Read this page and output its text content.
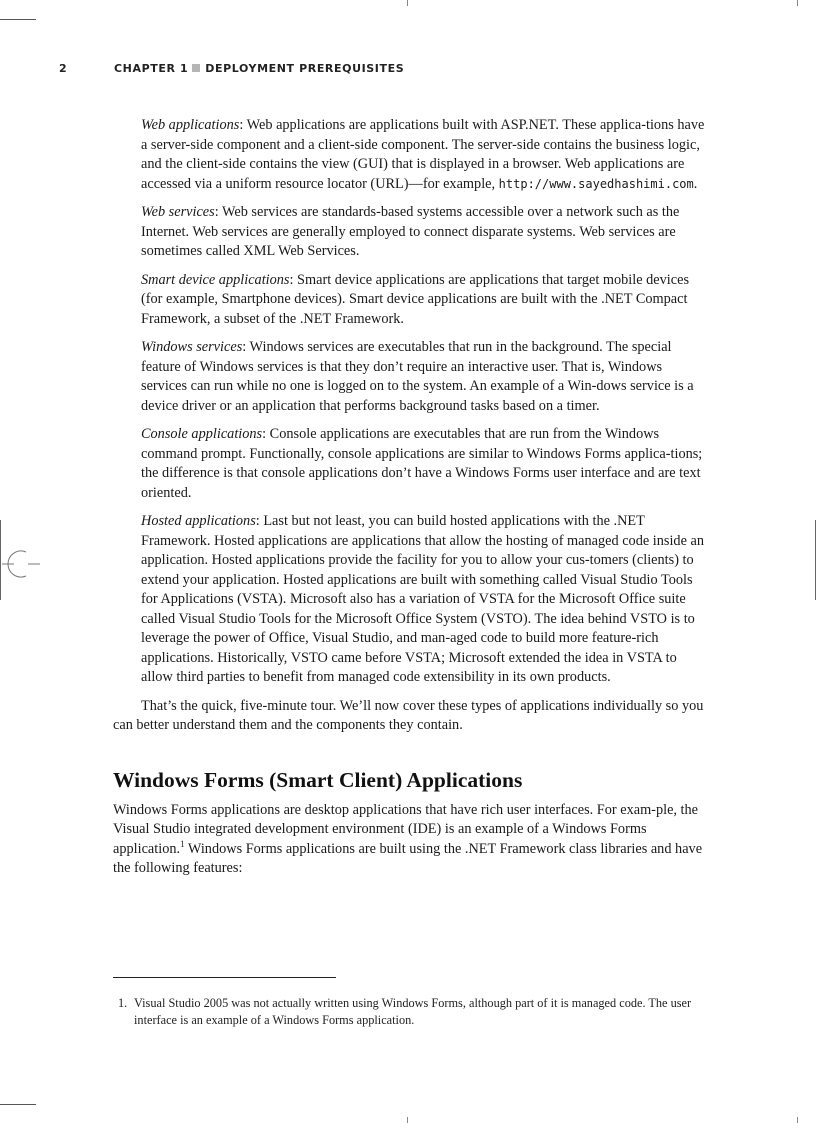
2	CHAPTER 1 DEPLOYMENT PREREQUISITES

Web applications: Web applications are applications built with ASP.NET. These applica-tions have a server-side component and a client-side component. The server-side contains the business logic, and the client-side contains the view (GUI) that is displayed in a browser. Web applications are accessed via a uniform resource locator (URL)—for example, http://www.sayedhashimi.com.

Web services: Web services are standards-based systems accessible over a network such as the Internet. Web services are generally employed to connect disparate systems. Web services are sometimes called XML Web Services.

Smart device applications: Smart device applications are applications that target mobile devices (for example, Smartphone devices). Smart device applications are built with the .NET Compact Framework, a subset of the .NET Framework.

Windows services: Windows services are executables that run in the background. The special feature of Windows services is that they don’t require an interactive user. That is, Windows services can run while no one is logged on to the system. An example of a Win-dows service is a device driver or an application that performs background tasks based on a timer.

Console applications: Console applications are executables that are run from the Windows command prompt. Functionally, console applications are similar to Windows Forms applica-tions; the difference is that console applications don’t have a Windows Forms user interface and are text oriented.

Hosted applications: Last but not least, you can build hosted applications with the .NET Framework. Hosted applications are applications that allow the hosting of managed code inside an application. Hosted applications provide the facility for you to allow your cus-tomers (clients) to extend your application. Hosted applications are built with something called Visual Studio Tools for Applications (VSTA). Microsoft also has a variation of VSTA for the Microsoft Office suite called Visual Studio Tools for the Microsoft Office System (VSTO). The idea behind VSTO is to leverage the power of Office, Visual Studio, and man-aged code to build more feature-rich applications. Historically, VSTO came before VSTA; Microsoft extended the idea in VSTA to allow third parties to benefit from managed code extensibility in its own products.

That’s the quick, five-minute tour. We’ll now cover these types of applications individually so you can better understand them and the components they contain.

Windows Forms (Smart Client) Applications

Windows Forms applications are desktop applications that have rich user interfaces. For exam-ple, the Visual Studio integrated development environment (IDE) is an example of a Windows Forms application.$^1$ Windows Forms applications are built using the .NET Framework class libraries and have the following features:

1. Visual Studio 2005 was not actually written using Windows Forms, although part of it is managed code. The user interface is an example of a Windows Forms application.
